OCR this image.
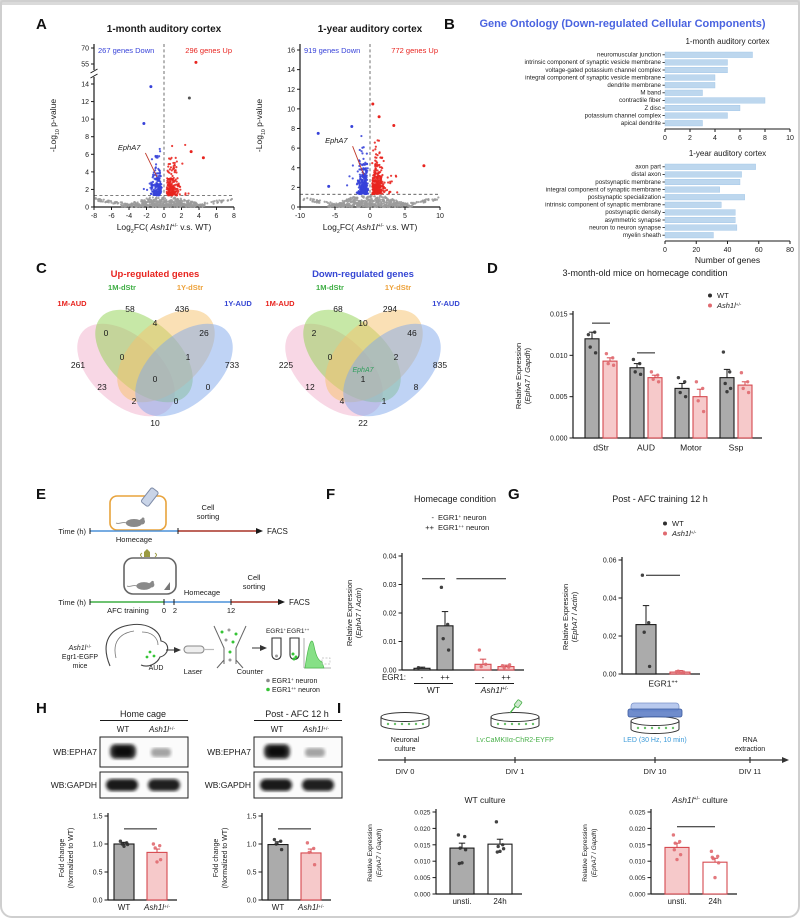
A	1-month auditory cortex
0
2
4
6
8
10
12
14
55
70
-8 -6 -4 -2 0 2 4 6 8
EphA7
267 genes Down	296 genes Up
-Log$_{10}$ p-value
Log$_2$FC( Ash1l+/- v.s. WT)
1-year auditory cortex
0
2
4
6
8
10
12
14
16
-10	-5	0	5	10
EphA7
919 genes Down	772 genes Up
-Log$_{10}$ p-value
Log$_2$FC( Ash1l+/- v.s. WT)
B	Gene Ontology (Down-regulated Cellular Components)
1-month auditory cortex
neuromuscular junction
intrinsic component of synaptic vesicle membrane
voltage-gated potassium channel complex
integral component of synaptic vesicle membrane
dendrite membrane
M band
contractile fiber
Z disc
potassium channel complex
apical dendrite
0	2	4	6	8	10
1-year auditory cortex
axon part
distal axon
postsynaptic membrane
integral component of synaptic membrane
postsynaptic specialization
intrinsic component of synaptic membrane
postsynaptic density
asymmetric synapse
neuron to neuron synapse
myelin sheath
0	20	40	60	80
Number of genes
C	Up-regulated genes
1M-AUD
1M-dStr	1Y-dStr
1Y-AUD
58	436
261	733
0
4
26
0	1
0
23
2	0
0
10
Down-regulated genes
1M-AUD
1M-dStr	1Y-dStr
1Y-AUD
68	294
225	835
2
10
46
0	2
1
12
4	1
8
22
EphA7
D
0.000
0.005
0.010
0.015
Relative Expression (EphA7 / Gapdh)
dStr	AUD	Motor	Ssp
3-month-old mice on homecage condition
WT
Ash1l+/-
E
Time (h)
Homecage
Cell
sorting
FACS
Time (h)
AFC training 0 2	12
Homecage
Cell
sorting
FACS
Ash1l+/-
Egr1-EGFP
mice	AUD	Laser	Counter
EGR1+ EGR1++
EGR1+ neuron
EGR1++ neuron
F
0.00
0.01
0.02
0.03
0.04
Relative Expression (EphA7 / Actin)
- ++	- ++
WT	Ash1l+/-
EGR1:
Homecage condition
- EGR1+ neuron
++ EGR1++ neuron
G
0.00
0.02
0.04
0.06
Relative Expression (EphA7 / Actin)
EGR1++
Post - AFC training 12 h
WT
Ash1l+/-
H	Home cage
WT Ash1l+/-
WB:EPHA7
WB:GAPDH
0.0
0.5
1.0
1.5
Fold change (Normalized to WT)
WT Ash1l+/-
Post - AFC 12 h
WT Ash1l+/-
WB:EPHA7
WB:GAPDH
0.0
0.5
1.0
1.5
Fold change (Normalized to WT)
WT Ash1l+/-
I
Neuronal
culture
Lv:CaMKIIα-ChR2-EYFP	LED (30 Hz, 10 min)	RNA
extraction
DIV 0	DIV 1	DIV 10	DIV 11
0.000
0.005
0.010
0.015
0.020
0.025
Relative Expression (EphA7 / Gapdh)
unsti.	24h
WT culture
0.000
0.005
0.010
0.015
0.020
0.025
Relative Expression (EphA7 / Gapdh)
unsti.	24h
Ash1l+/- culture
